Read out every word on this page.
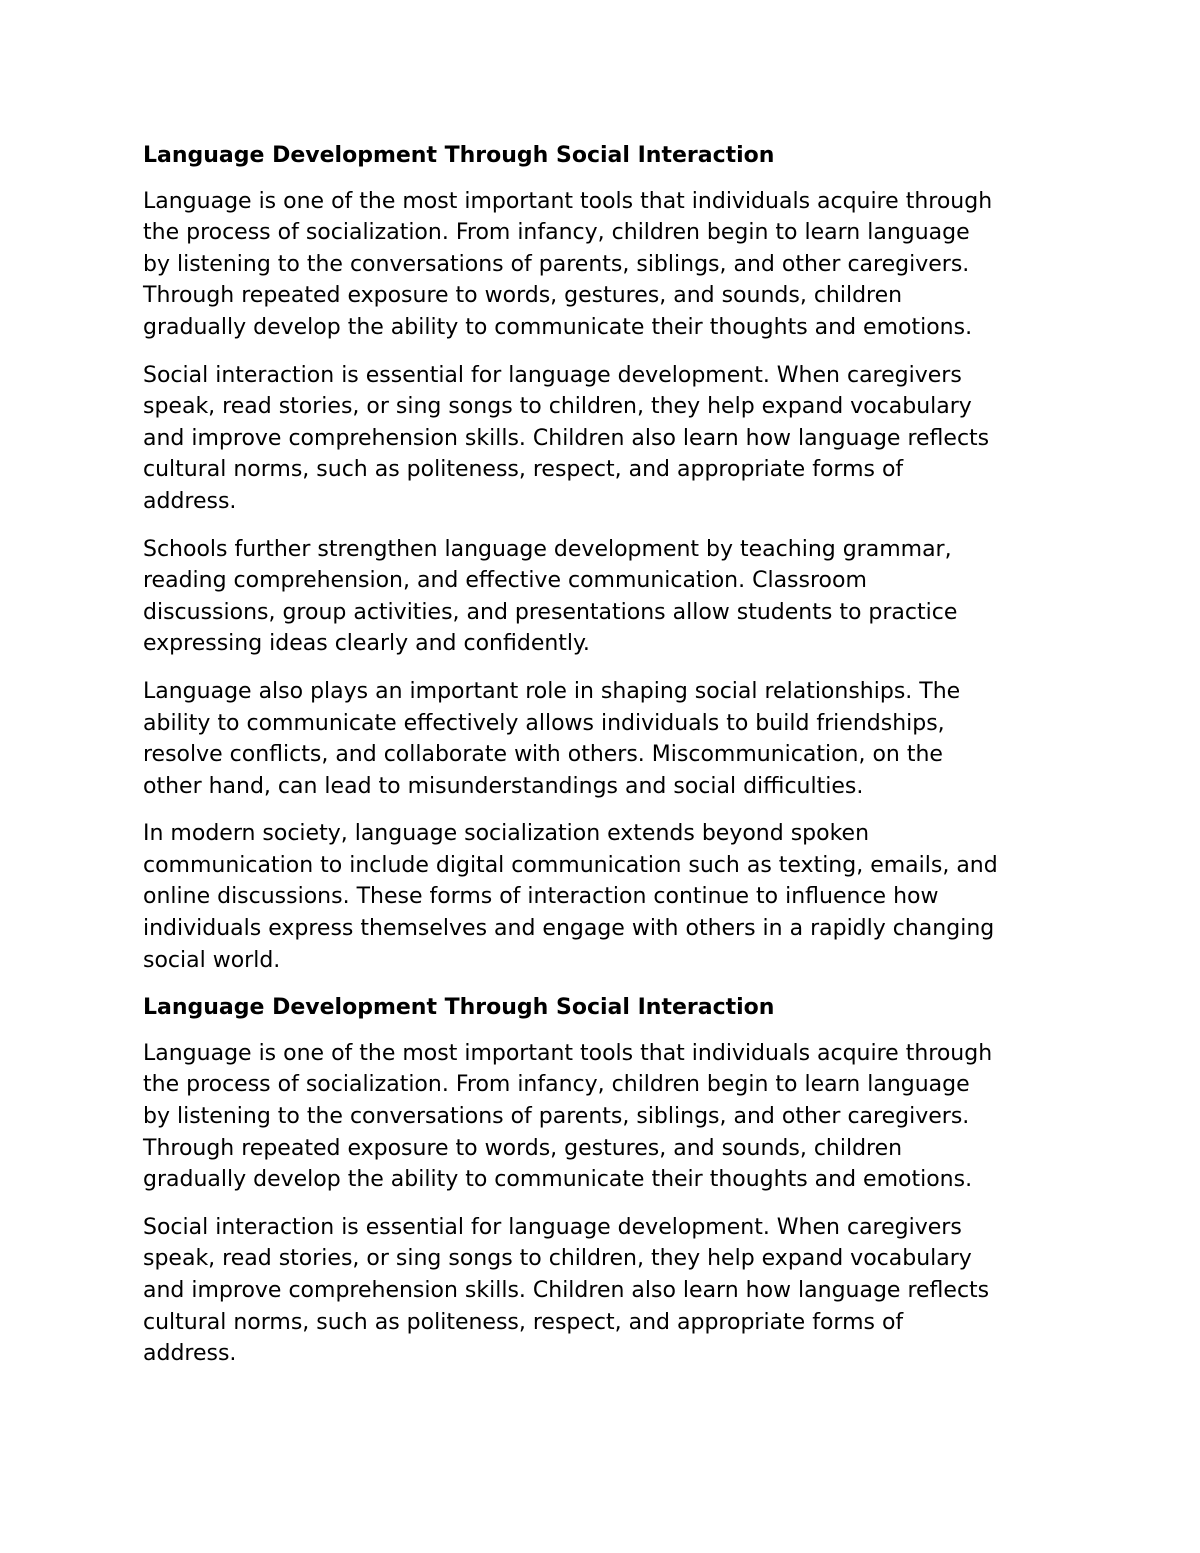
Language Development Through Social Interaction
Language is one of the most important tools that individuals acquire through
the process of socialization. From infancy, children begin to learn language
by listening to the conversations of parents, siblings, and other caregivers.
Through repeated exposure to words, gestures, and sounds, children
gradually develop the ability to communicate their thoughts and emotions.
Social interaction is essential for language development. When caregivers
speak, read stories, or sing songs to children, they help expand vocabulary
and improve comprehension skills. Children also learn how language reflects
cultural norms, such as politeness, respect, and appropriate forms of
address.
Schools further strengthen language development by teaching grammar,
reading comprehension, and effective communication. Classroom
discussions, group activities, and presentations allow students to practice
expressing ideas clearly and confidently.
Language also plays an important role in shaping social relationships. The
ability to communicate effectively allows individuals to build friendships,
resolve conflicts, and collaborate with others. Miscommunication, on the
other hand, can lead to misunderstandings and social difficulties.
In modern society, language socialization extends beyond spoken
communication to include digital communication such as texting, emails, and
online discussions. These forms of interaction continue to influence how
individuals express themselves and engage with others in a rapidly changing
social world.
Language Development Through Social Interaction
Language is one of the most important tools that individuals acquire through
the process of socialization. From infancy, children begin to learn language
by listening to the conversations of parents, siblings, and other caregivers.
Through repeated exposure to words, gestures, and sounds, children
gradually develop the ability to communicate their thoughts and emotions.
Social interaction is essential for language development. When caregivers
speak, read stories, or sing songs to children, they help expand vocabulary
and improve comprehension skills. Children also learn how language reflects
cultural norms, such as politeness, respect, and appropriate forms of
address.
